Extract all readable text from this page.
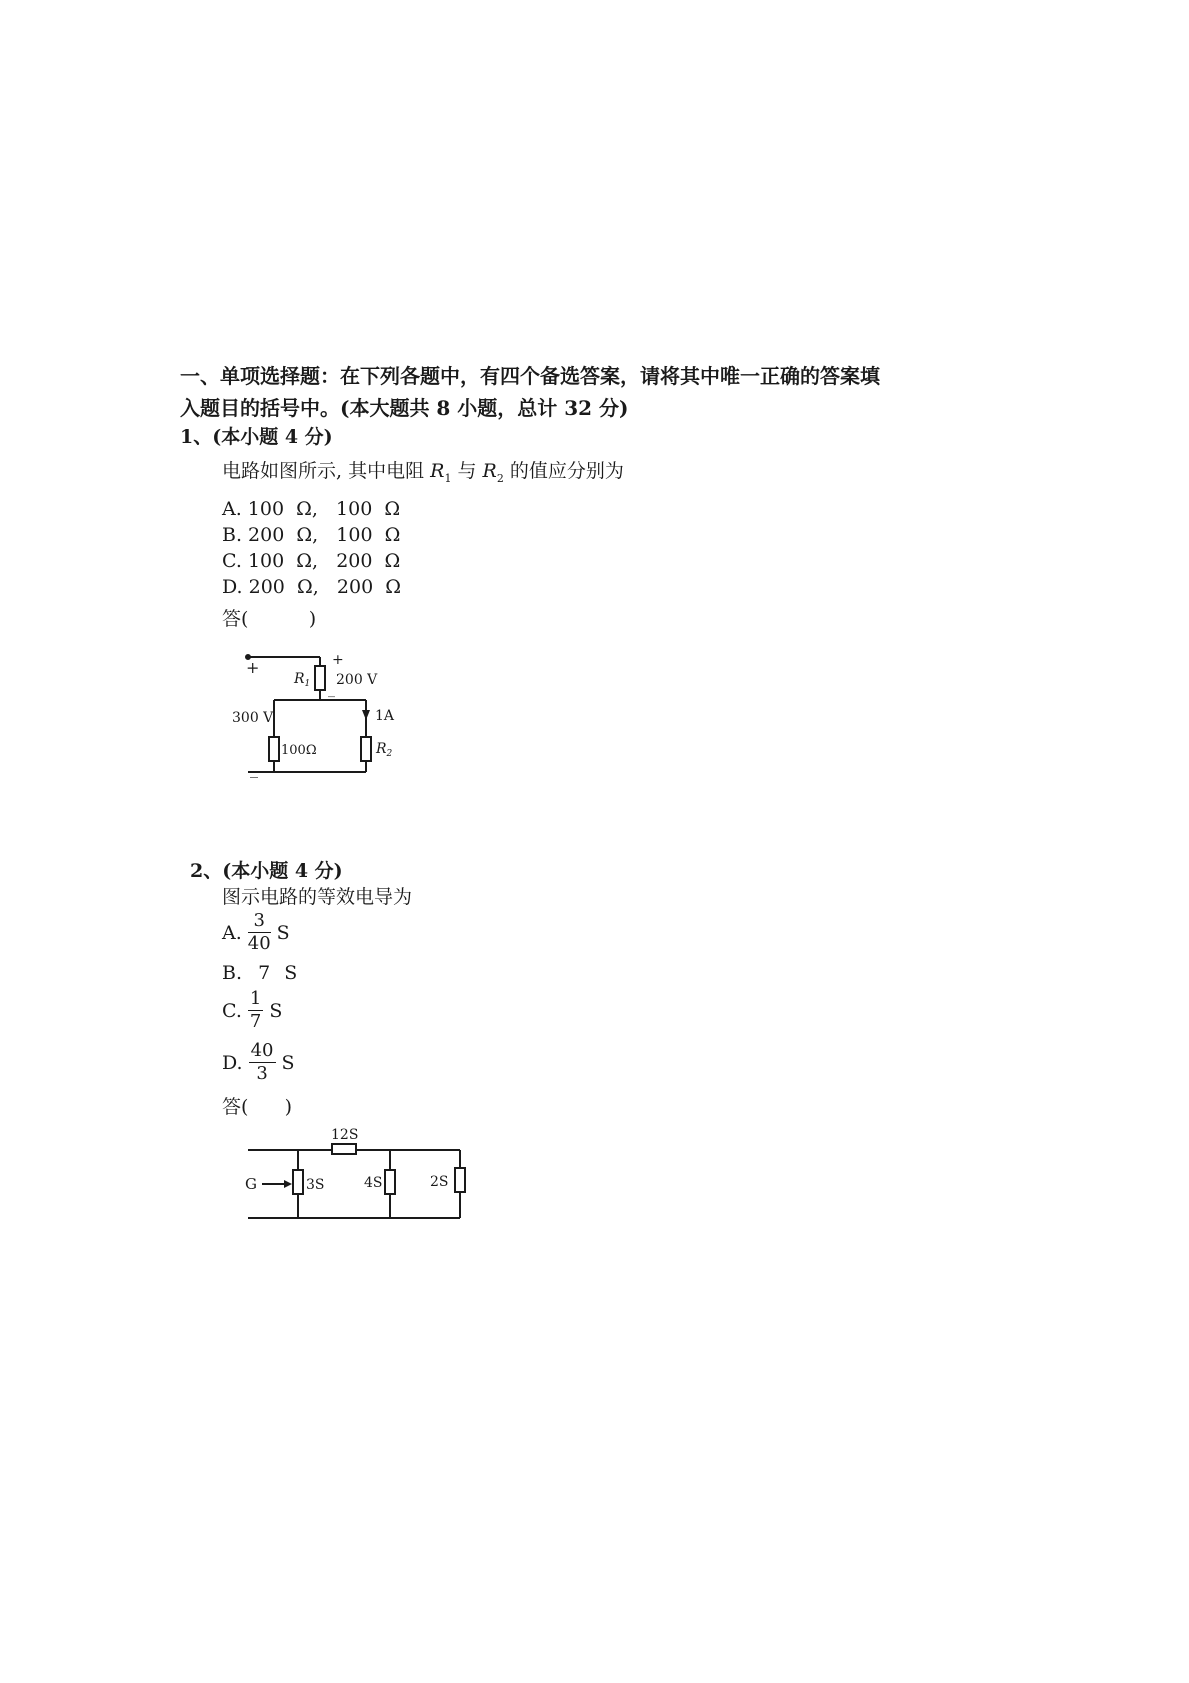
一、单项选择题：在下列各题中，有四个备选答案，请将其中唯一正确的答案填
入题目的括号中。(本大题共 8 小题，总计 32 分)
1、(本小题 4 分)
电路如图所示, 其中电阻 $R_1$ 与 $R_2$ 的值应分别为
A. 100  Ω,   100  Ω
B. 200  Ω,   100  Ω
C. 100  Ω,   200  Ω
D. 200  Ω,   200  Ω
答(          )
+
_
+
_
$R_1$ 200 V
300 V	1A
100Ω	$R_2$
2、(本小题 4 分)
图示电路的等效电导为
A. $\frac{3}{40}$ S
B. 7 S
C. $\frac{1}{7}$ S
D. $\frac{40}{3}$ S
答(      )
G
12S
3S	4S	2S
